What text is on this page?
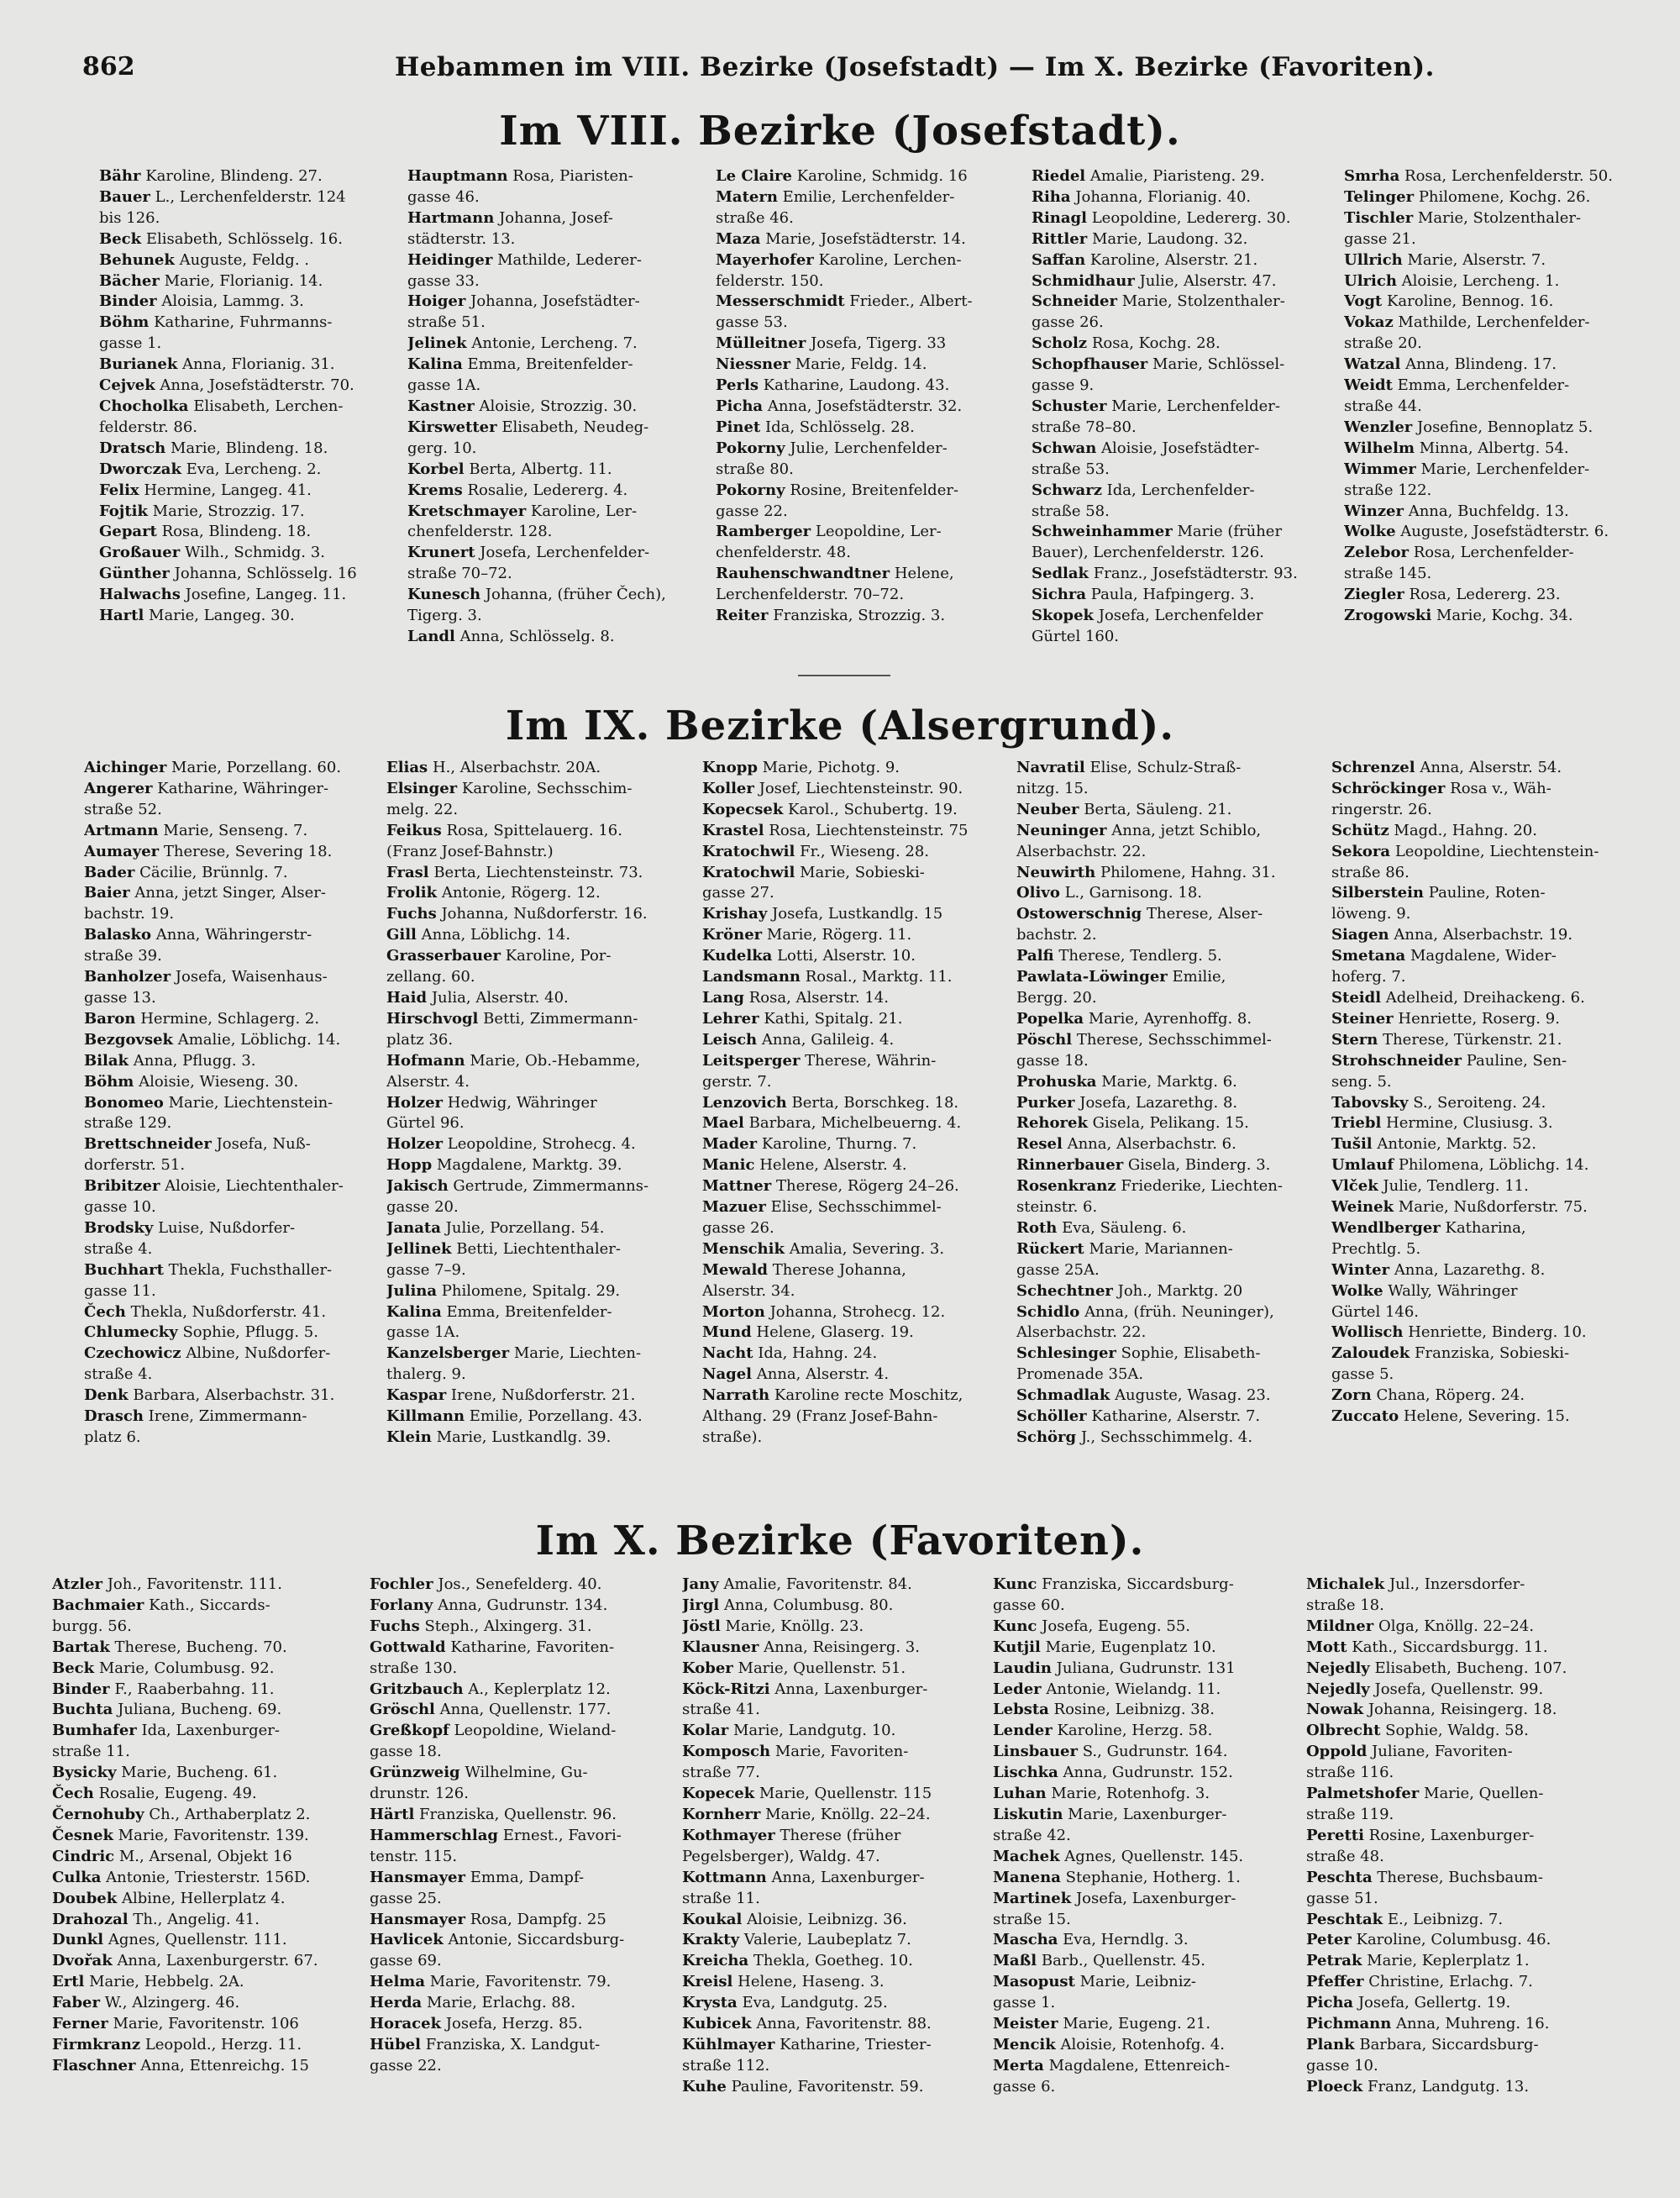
862	Hebammen im VIII. Bezirke (Josefstadt) — Im X. Bezirke (Favoriten).
Im VIII. Bezirke (Josefstadt).
Bähr Karoline, Blindeng. 27.
Bauer L., Lerchenfelderstr. 124
bis 126.
Beck Elisabeth, Schlösselg. 16.
Behunek Auguste, Feldg. .
Bächer Marie, Florianig. 14.
Binder Aloisia, Lammg. 3.
Böhm Katharine, Fuhrmanns-
gasse 1.
Burianek Anna, Florianig. 31.
Cejvek Anna, Josefstädterstr. 70.
Chocholka Elisabeth, Lerchen-
felderstr. 86.
Dratsch Marie, Blindeng. 18.
Dworczak Eva, Lercheng. 2.
Felix Hermine, Langeg. 41.
Fojtik Marie, Strozzig. 17.
Gepart Rosa, Blindeng. 18.
Großauer Wilh., Schmidg. 3.
Günther Johanna, Schlösselg. 16
Halwachs Josefine, Langeg. 11.
Hartl Marie, Langeg. 30.
Hauptmann Rosa, Piaristen-
gasse 46.
Hartmann Johanna, Josef-
städterstr. 13.
Heidinger Mathilde, Lederer-
gasse 33.
Hoiger Johanna, Josefstädter-
straße 51.
Jelinek Antonie, Lercheng. 7.
Kalina Emma, Breitenfelder-
gasse 1A.
Kastner Aloisie, Strozzig. 30.
Kirswetter Elisabeth, Neudeg-
gerg. 10.
Korbel Berta, Albertg. 11.
Krems Rosalie, Ledererg. 4.
Kretschmayer Karoline, Ler-
chenfelderstr. 128.
Krunert Josefa, Lerchenfelder-
straße 70–72.
Kunesch Johanna, (früher Čech),
Tigerg. 3.
Landl Anna, Schlösselg. 8.
Le Claire Karoline, Schmidg. 16
Matern Emilie, Lerchenfelder-
straße 46.
Maza Marie, Josefstädterstr. 14.
Mayerhofer Karoline, Lerchen-
felderstr. 150.
Messerschmidt Frieder., Albert-
gasse 53.
Mülleitner Josefa, Tigerg. 33
Niessner Marie, Feldg. 14.
Perls Katharine, Laudong. 43.
Picha Anna, Josefstädterstr. 32.
Pinet Ida, Schlösselg. 28.
Pokorny Julie, Lerchenfelder-
straße 80.
Pokorny Rosine, Breitenfelder-
gasse 22.
Ramberger Leopoldine, Ler-
chenfelderstr. 48.
Rauhenschwandtner Helene,
Lerchenfelderstr. 70–72.
Reiter Franziska, Strozzig. 3.
Riedel Amalie, Piaristeng. 29.
Riha Johanna, Florianig. 40.
Rinagl Leopoldine, Ledererg. 30.
Rittler Marie, Laudong. 32.
Saffan Karoline, Alserstr. 21.
Schmidhaur Julie, Alserstr. 47.
Schneider Marie, Stolzenthaler-
gasse 26.
Scholz Rosa, Kochg. 28.
Schopfhauser Marie, Schlössel-
gasse 9.
Schuster Marie, Lerchenfelder-
straße 78–80.
Schwan Aloisie, Josefstädter-
straße 53.
Schwarz Ida, Lerchenfelder-
straße 58.
Schweinhammer Marie (früher
Bauer), Lerchenfelderstr. 126.
Sedlak Franz., Josefstädterstr. 93.
Sichra Paula, Hafpingerg. 3.
Skopek Josefa, Lerchenfelder
Gürtel 160.
Smrha Rosa, Lerchenfelderstr. 50.
Telinger Philomene, Kochg. 26.
Tischler Marie, Stolzenthaler-
gasse 21.
Ullrich Marie, Alserstr. 7.
Ulrich Aloisie, Lercheng. 1.
Vogt Karoline, Bennog. 16.
Vokaz Mathilde, Lerchenfelder-
straße 20.
Watzal Anna, Blindeng. 17.
Weidt Emma, Lerchenfelder-
straße 44.
Wenzler Josefine, Bennoplatz 5.
Wilhelm Minna, Albertg. 54.
Wimmer Marie, Lerchenfelder-
straße 122.
Winzer Anna, Buchfeldg. 13.
Wolke Auguste, Josefstädterstr. 6.
Zelebor Rosa, Lerchenfelder-
straße 145.
Ziegler Rosa, Ledererg. 23.
Zrogowski Marie, Kochg. 34.
Im IX. Bezirke (Alsergrund).
Aichinger Marie, Porzellang. 60.
Angerer Katharine, Währinger-
straße 52.
Artmann Marie, Senseng. 7.
Aumayer Therese, Severing 18.
Bader Cäcilie, Brünnlg. 7.
Baier Anna, jetzt Singer, Alser-
bachstr. 19.
Balasko Anna, Währingerstr-
straße 39.
Banholzer Josefa, Waisenhaus-
gasse 13.
Baron Hermine, Schlagerg. 2.
Bezgovsek Amalie, Löblichg. 14.
Bilak Anna, Pflugg. 3.
Böhm Aloisie, Wieseng. 30.
Bonomeo Marie, Liechtenstein-
straße 129.
Brettschneider Josefa, Nuß-
dorferstr. 51.
Bribitzer Aloisie, Liechtenthaler-
gasse 10.
Brodsky Luise, Nußdorfer-
straße 4.
Buchhart Thekla, Fuchsthaller-
gasse 11.
Čech Thekla, Nußdorferstr. 41.
Chlumecky Sophie, Pflugg. 5.
Czechowicz Albine, Nußdorfer-
straße 4.
Denk Barbara, Alserbachstr. 31.
Drasch Irene, Zimmermann-
platz 6.
Elias H., Alserbachstr. 20A.
Elsinger Karoline, Sechsschim-
melg. 22.
Feikus Rosa, Spittelauerg. 16.
(Franz Josef-Bahnstr.)
Frasl Berta, Liechtensteinstr. 73.
Frolik Antonie, Rögerg. 12.
Fuchs Johanna, Nußdorferstr. 16.
Gill Anna, Löblichg. 14.
Grasserbauer Karoline, Por-
zellang. 60.
Haid Julia, Alserstr. 40.
Hirschvogl Betti, Zimmermann-
platz 36.
Hofmann Marie, Ob.-Hebamme,
Alserstr. 4.
Holzer Hedwig, Währinger
Gürtel 96.
Holzer Leopoldine, Strohecg. 4.
Hopp Magdalene, Marktg. 39.
Jakisch Gertrude, Zimmermanns-
gasse 20.
Janata Julie, Porzellang. 54.
Jellinek Betti, Liechtenthaler-
gasse 7–9.
Julina Philomene, Spitalg. 29.
Kalina Emma, Breitenfelder-
gasse 1A.
Kanzelsberger Marie, Liechten-
thalerg. 9.
Kaspar Irene, Nußdorferstr. 21.
Killmann Emilie, Porzellang. 43.
Klein Marie, Lustkandlg. 39.
Knopp Marie, Pichotg. 9.
Koller Josef, Liechtensteinstr. 90.
Kopecsek Karol., Schubertg. 19.
Krastel Rosa, Liechtensteinstr. 75
Kratochwil Fr., Wieseng. 28.
Kratochwil Marie, Sobieski-
gasse 27.
Krishay Josefa, Lustkandlg. 15
Kröner Marie, Rögerg. 11.
Kudelka Lotti, Alserstr. 10.
Landsmann Rosal., Marktg. 11.
Lang Rosa, Alserstr. 14.
Lehrer Kathi, Spitalg. 21.
Leisch Anna, Galileig. 4.
Leitsperger Therese, Währin-
gerstr. 7.
Lenzovich Berta, Borschkeg. 18.
Mael Barbara, Michelbeuerng. 4.
Mader Karoline, Thurng. 7.
Manic Helene, Alserstr. 4.
Mattner Therese, Rögerg 24–26.
Mazuer Elise, Sechsschimmel-
gasse 26.
Menschik Amalia, Severing. 3.
Mewald Therese Johanna,
Alserstr. 34.
Morton Johanna, Strohecg. 12.
Mund Helene, Glaserg. 19.
Nacht Ida, Hahng. 24.
Nagel Anna, Alserstr. 4.
Narrath Karoline recte Moschitz,
Althang. 29 (Franz Josef-Bahn-
straße).
Navratil Elise, Schulz-Straß-
nitzg. 15.
Neuber Berta, Säuleng. 21.
Neuninger Anna, jetzt Schiblo,
Alserbachstr. 22.
Neuwirth Philomene, Hahng. 31.
Olivo L., Garnisong. 18.
Ostowerschnig Therese, Alser-
bachstr. 2.
Palfi Therese, Tendlerg. 5.
Pawlata-Löwinger Emilie,
Bergg. 20.
Popelka Marie, Ayrenhoffg. 8.
Pöschl Therese, Sechsschimmel-
gasse 18.
Prohuska Marie, Marktg. 6.
Purker Josefa, Lazarethg. 8.
Rehorek Gisela, Pelikang. 15.
Resel Anna, Alserbachstr. 6.
Rinnerbauer Gisela, Binderg. 3.
Rosenkranz Friederike, Liechten-
steinstr. 6.
Roth Eva, Säuleng. 6.
Rückert Marie, Mariannen-
gasse 25A.
Schechtner Joh., Marktg. 20
Schidlo Anna, (früh. Neuninger),
Alserbachstr. 22.
Schlesinger Sophie, Elisabeth-
Promenade 35A.
Schmadlak Auguste, Wasag. 23.
Schöller Katharine, Alserstr. 7.
Schörg J., Sechsschimmelg. 4.
Schrenzel Anna, Alserstr. 54.
Schröckinger Rosa v., Wäh-
ringerstr. 26.
Schütz Magd., Hahng. 20.
Sekora Leopoldine, Liechtenstein-
straße 86.
Silberstein Pauline, Roten-
löweng. 9.
Siagen Anna, Alserbachstr. 19.
Smetana Magdalene, Wider-
hoferg. 7.
Steidl Adelheid, Dreihackeng. 6.
Steiner Henriette, Roserg. 9.
Stern Therese, Türkenstr. 21.
Strohschneider Pauline, Sen-
seng. 5.
Tabovsky S., Seroiteng. 24.
Triebl Hermine, Clusiusg. 3.
Tušil Antonie, Marktg. 52.
Umlauf Philomena, Löblichg. 14.
Vlček Julie, Tendlerg. 11.
Weinek Marie, Nußdorferstr. 75.
Wendlberger Katharina,
Prechtlg. 5.
Winter Anna, Lazarethg. 8.
Wolke Wally, Währinger
Gürtel 146.
Wollisch Henriette, Binderg. 10.
Zaloudek Franziska, Sobieski-
gasse 5.
Zorn Chana, Röperg. 24.
Zuccato Helene, Severing. 15.
Im X. Bezirke (Favoriten).
Atzler Joh., Favoritenstr. 111.
Bachmaier Kath., Siccards-
burgg. 56.
Bartak Therese, Bucheng. 70.
Beck Marie, Columbusg. 92.
Binder F., Raaberbahng. 11.
Buchta Juliana, Bucheng. 69.
Bumhafer Ida, Laxenburger-
straße 11.
Bysicky Marie, Bucheng. 61.
Čech Rosalie, Eugeng. 49.
Černohuby Ch., Arthaberplatz 2.
Česnek Marie, Favoritenstr. 139.
Cindric M., Arsenal, Objekt 16
Culka Antonie, Triesterstr. 156D.
Doubek Albine, Hellerplatz 4.
Drahozal Th., Angelig. 41.
Dunkl Agnes, Quellenstr. 111.
Dvořak Anna, Laxenburgerstr. 67.
Ertl Marie, Hebbelg. 2A.
Faber W., Alzingerg. 46.
Ferner Marie, Favoritenstr. 106
Firmkranz Leopold., Herzg. 11.
Flaschner Anna, Ettenreichg. 15
Fochler Jos., Senefelderg. 40.
Forlany Anna, Gudrunstr. 134.
Fuchs Steph., Alxingerg. 31.
Gottwald Katharine, Favoriten-
straße 130.
Gritzbauch A., Keplerplatz 12.
Gröschl Anna, Quellenstr. 177.
Greßkopf Leopoldine, Wieland-
gasse 18.
Grünzweig Wilhelmine, Gu-
drunstr. 126.
Härtl Franziska, Quellenstr. 96.
Hammerschlag Ernest., Favori-
tenstr. 115.
Hansmayer Emma, Dampf-
gasse 25.
Hansmayer Rosa, Dampfg. 25
Havlicek Antonie, Siccardsburg-
gasse 69.
Helma Marie, Favoritenstr. 79.
Herda Marie, Erlachg. 88.
Horacek Josefa, Herzg. 85.
Hübel Franziska, X. Landgut-
gasse 22.
Jany Amalie, Favoritenstr. 84.
Jirgl Anna, Columbusg. 80.
Jöstl Marie, Knöllg. 23.
Klausner Anna, Reisingerg. 3.
Kober Marie, Quellenstr. 51.
Köck-Ritzi Anna, Laxenburger-
straße 41.
Kolar Marie, Landgutg. 10.
Komposch Marie, Favoriten-
straße 77.
Kopecek Marie, Quellenstr. 115
Kornherr Marie, Knöllg. 22–24.
Kothmayer Therese (früher
Pegelsberger), Waldg. 47.
Kottmann Anna, Laxenburger-
straße 11.
Koukal Aloisie, Leibnizg. 36.
Krakty Valerie, Laubeplatz 7.
Kreicha Thekla, Goetheg. 10.
Kreisl Helene, Haseng. 3.
Krysta Eva, Landgutg. 25.
Kubicek Anna, Favoritenstr. 88.
Kühlmayer Katharine, Triester-
straße 112.
Kuhe Pauline, Favoritenstr. 59.
Kunc Franziska, Siccardsburg-
gasse 60.
Kunc Josefa, Eugeng. 55.
Kutjil Marie, Eugenplatz 10.
Laudin Juliana, Gudrunstr. 131
Leder Antonie, Wielandg. 11.
Lebsta Rosine, Leibnizg. 38.
Lender Karoline, Herzg. 58.
Linsbauer S., Gudrunstr. 164.
Lischka Anna, Gudrunstr. 152.
Luhan Marie, Rotenhofg. 3.
Liskutin Marie, Laxenburger-
straße 42.
Machek Agnes, Quellenstr. 145.
Manena Stephanie, Hotherg. 1.
Martinek Josefa, Laxenburger-
straße 15.
Mascha Eva, Herndlg. 3.
Maßl Barb., Quellenstr. 45.
Masopust Marie, Leibniz-
gasse 1.
Meister Marie, Eugeng. 21.
Mencik Aloisie, Rotenhofg. 4.
Merta Magdalene, Ettenreich-
gasse 6.
Michalek Jul., Inzersdorfer-
straße 18.
Mildner Olga, Knöllg. 22–24.
Mott Kath., Siccardsburgg. 11.
Nejedly Elisabeth, Bucheng. 107.
Nejedly Josefa, Quellenstr. 99.
Nowak Johanna, Reisingerg. 18.
Olbrecht Sophie, Waldg. 58.
Oppold Juliane, Favoriten-
straße 116.
Palmetshofer Marie, Quellen-
straße 119.
Peretti Rosine, Laxenburger-
straße 48.
Peschta Therese, Buchsbaum-
gasse 51.
Peschtak E., Leibnizg. 7.
Peter Karoline, Columbusg. 46.
Petrak Marie, Keplerplatz 1.
Pfeffer Christine, Erlachg. 7.
Picha Josefa, Gellertg. 19.
Pichmann Anna, Muhreng. 16.
Plank Barbara, Siccardsburg-
gasse 10.
Ploeck Franz, Landgutg. 13.
